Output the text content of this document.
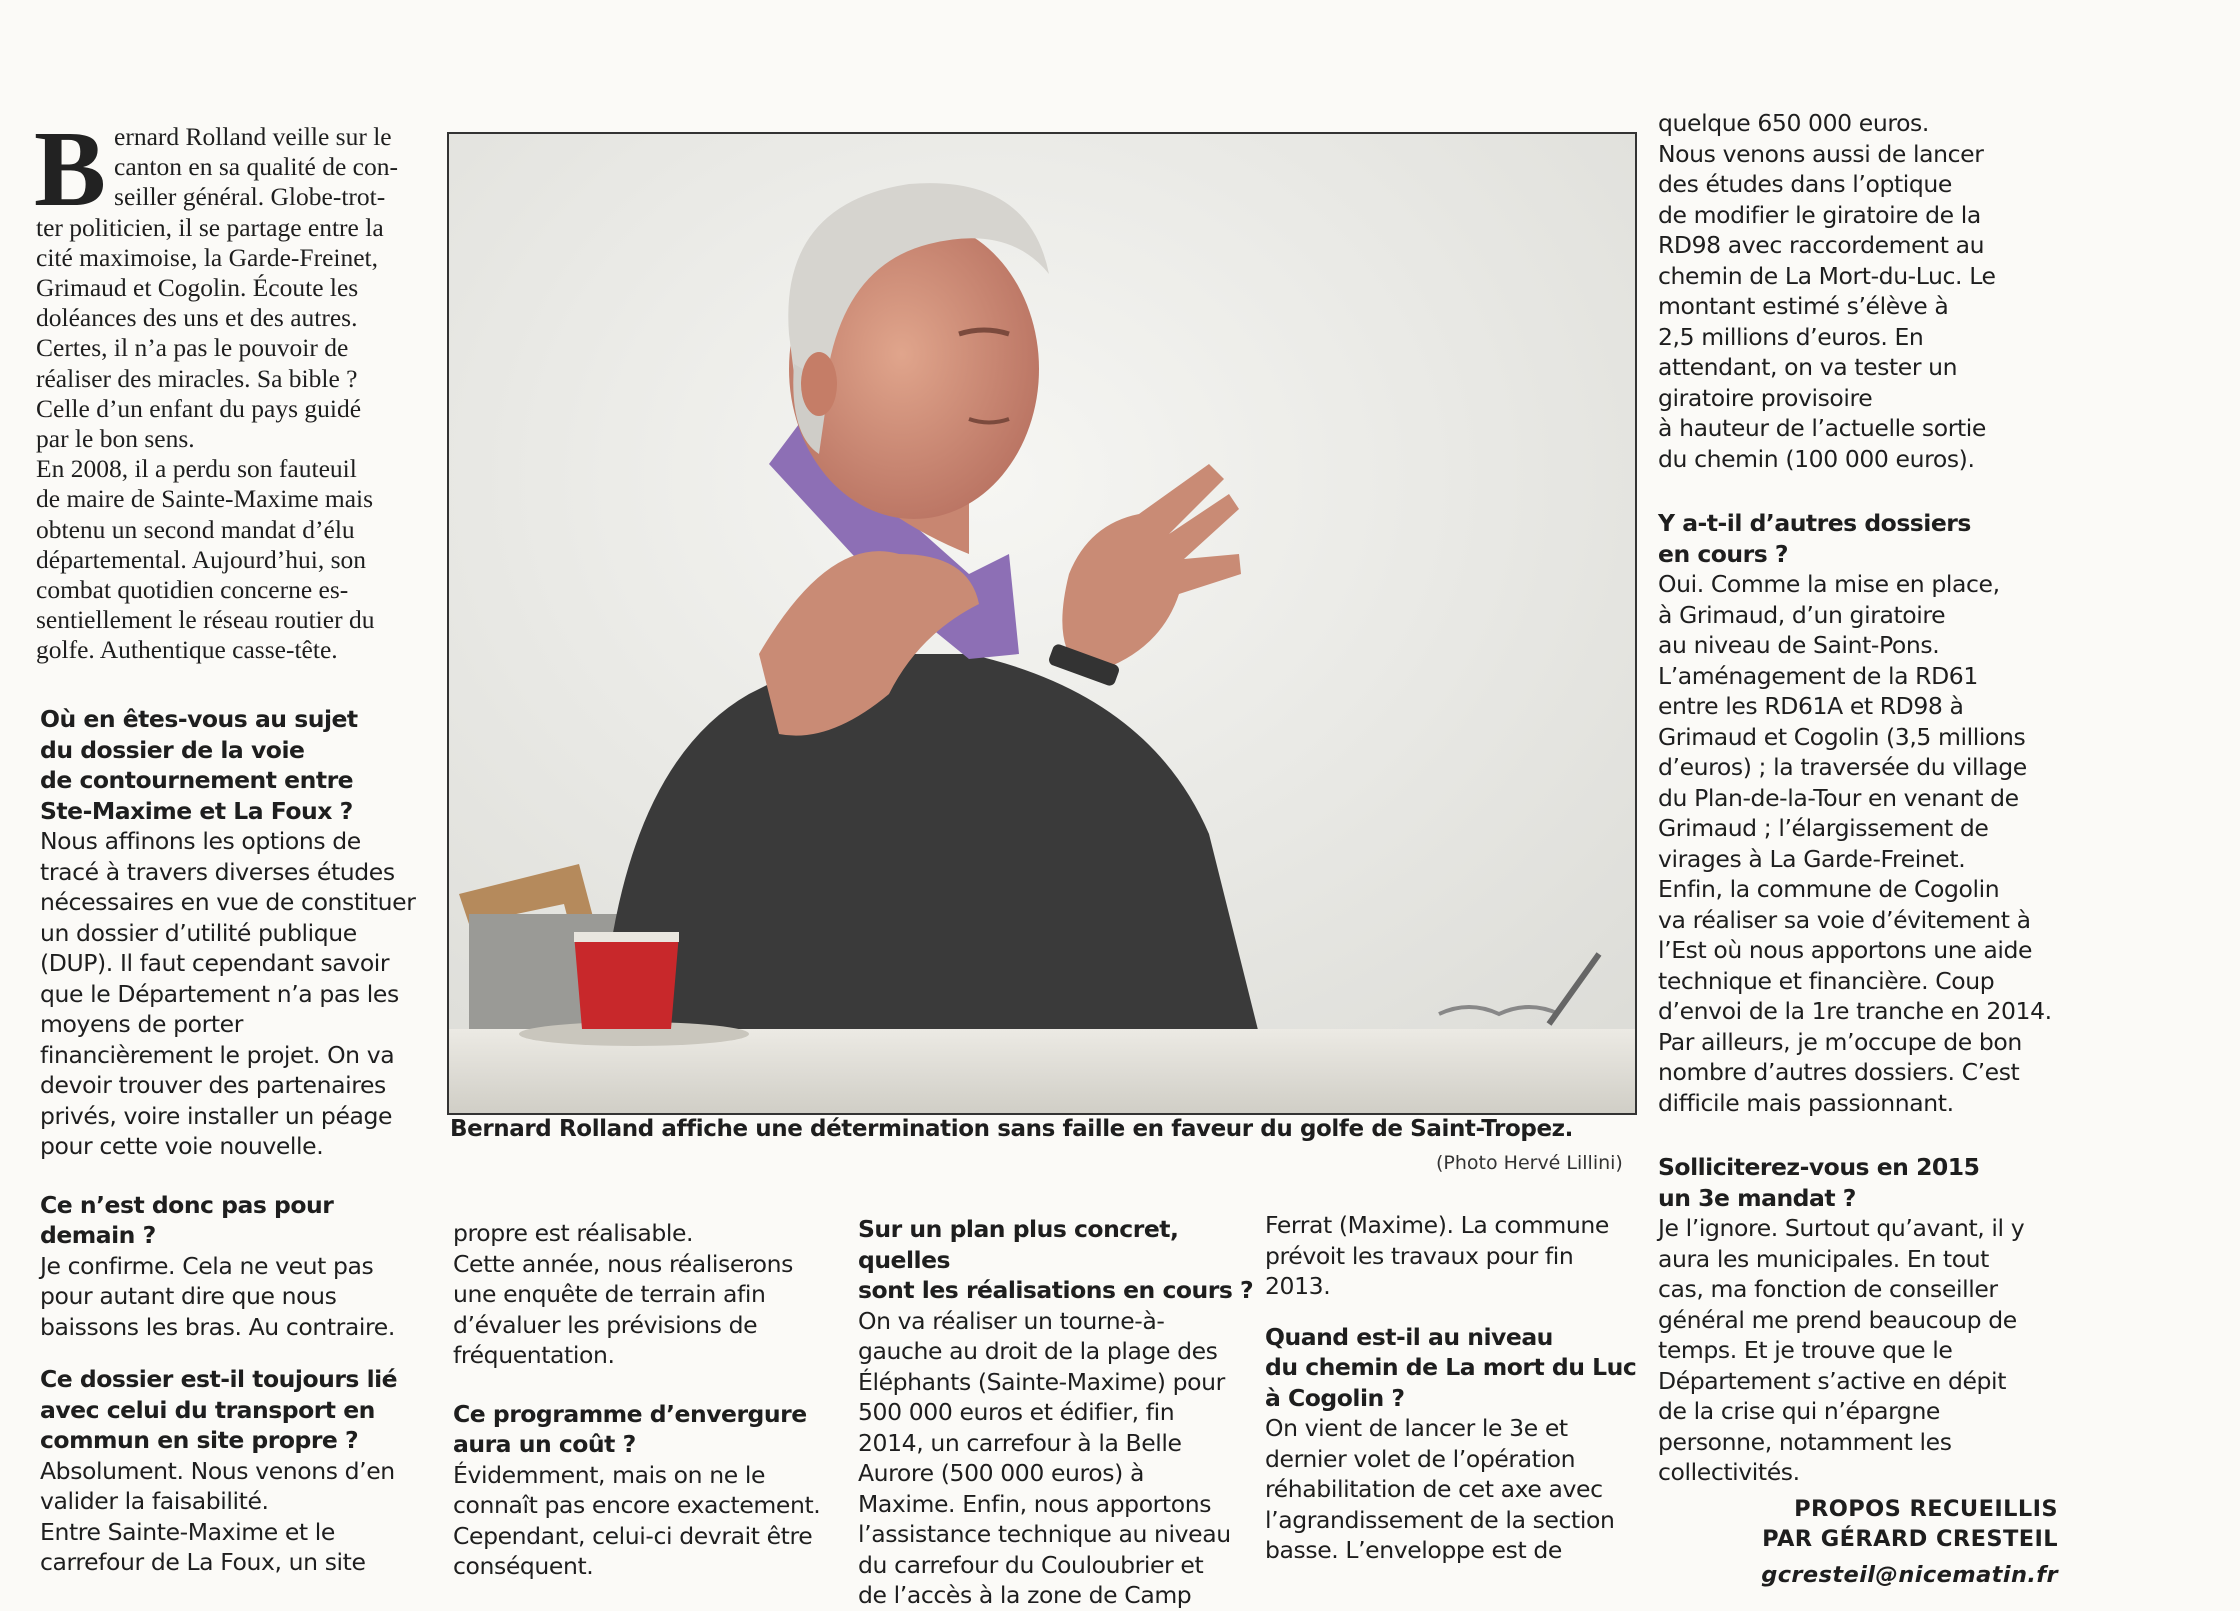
B ernard Rolland veille sur le
canton en sa qualité de con-
seiller général. Globe-trot-
ter politicien, il se partage entre la
cité maximoise, la Garde-Freinet,
Grimaud et Cogolin. Écoute les
doléances des uns et des autres.
Certes, il n’a pas le pouvoir de
réaliser des miracles. Sa bible ?
Celle d’un enfant du pays guidé
par le bon sens.
En 2008, il a perdu son fauteuil
de maire de Sainte-Maxime mais
obtenu un second mandat d’élu
départemental. Aujourd’hui, son
combat quotidien concerne es-
sentiellement le réseau routier du
golfe. Authentique casse-tête.
Où en êtes-vous au sujet
du dossier de la voie
de contournement entre
Ste-Maxime et La Foux ?
Nous affinons les options de
tracé à travers diverses études
nécessaires en vue de constituer
un dossier d’utilité publique
(DUP). Il faut cependant savoir
que le Département n’a pas les
moyens de porter
financièrement le projet. On va
devoir trouver des partenaires
privés, voire installer un péage
pour cette voie nouvelle.
Ce n’est donc pas pour
demain ?
Je confirme. Cela ne veut pas
pour autant dire que nous
baissons les bras. Au contraire.
Ce dossier est-il toujours lié
avec celui du transport en
commun en site propre ?
Absolument. Nous venons d’en
valider la faisabilité.
Entre Sainte-Maxime et le
carrefour de La Foux, un site
Bernard Rolland affiche une détermination sans faille en faveur du golfe de Saint-Tropez.
(Photo Hervé Lillini)
propre est réalisable.
Cette année, nous réaliserons
une enquête de terrain afin
d’évaluer les prévisions de
fréquentation.
Ce programme d’envergure
aura un coût ?
Évidemment, mais on ne le
connaît pas encore exactement.
Cependant, celui-ci devrait être
conséquent.
Sur un plan plus concret, quelles
sont les réalisations en cours ?
On va réaliser un tourne-à-
gauche au droit de la plage des
Éléphants (Sainte-Maxime) pour
500 000 euros et édifier, fin
2014, un carrefour à la Belle
Aurore (500 000 euros) à
Maxime. Enfin, nous apportons
l’assistance technique au niveau
du carrefour du Couloubrier et
de l’accès à la zone de Camp
Ferrat (Maxime). La commune
prévoit les travaux pour fin
2013.
Quand est-il au niveau
du chemin de La mort du Luc
à Cogolin ?
On vient de lancer le 3e et
dernier volet de l’opération
réhabilitation de cet axe avec
l’agrandissement de la section
basse. L’enveloppe est de
quelque 650 000 euros.
Nous venons aussi de lancer
des études dans l’optique
de modifier le giratoire de la
RD98 avec raccordement au
chemin de La Mort-du-Luc. Le
montant estimé s’élève à
2,5 millions d’euros. En
attendant, on va tester un
giratoire provisoire
à hauteur de l’actuelle sortie
du chemin (100 000 euros).
Y a-t-il d’autres dossiers
en cours ?
Oui. Comme la mise en place,
à Grimaud, d’un giratoire
au niveau de Saint-Pons.
L’aménagement de la RD61
entre les RD61A et RD98 à
Grimaud et Cogolin (3,5 millions
d’euros) ; la traversée du village
du Plan-de-la-Tour en venant de
Grimaud ; l’élargissement de
virages à La Garde-Freinet.
Enfin, la commune de Cogolin
va réaliser sa voie d’évitement à
l’Est où nous apportons une aide
technique et financière. Coup
d’envoi de la 1re tranche en 2014.
Par ailleurs, je m’occupe de bon
nombre d’autres dossiers. C’est
difficile mais passionnant.
Solliciterez-vous en 2015
un 3e mandat ?
Je l’ignore. Surtout qu’avant, il y
aura les municipales. En tout
cas, ma fonction de conseiller
général me prend beaucoup de
temps. Et je trouve que le
Département s’active en dépit
de la crise qui n’épargne
personne, notamment les
collectivités.
PROPOS RECUEILLIS
PAR GÉRARD CRESTEIL
gcresteil@nicematin.fr
